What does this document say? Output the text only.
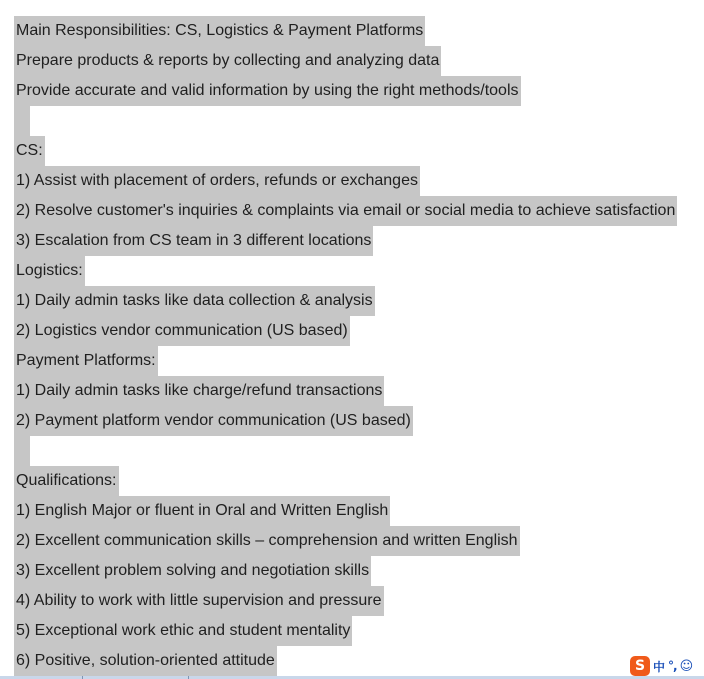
Main Responsibilities: CS, Logistics & Payment Platforms
Prepare products & reports by collecting and analyzing data
Provide accurate and valid information by using the right methods/tools
CS:
1) Assist with placement of orders, refunds or exchanges
2) Resolve customer's inquiries & complaints via email or social media to achieve satisfaction
3) Escalation from CS team in 3 different locations
Logistics:
1) Daily admin tasks like data collection & analysis
2) Logistics vendor communication (US based)
Payment Platforms:
1) Daily admin tasks like charge/refund transactions
2) Payment platform vendor communication (US based)
Qualifications:
1) English Major or fluent in Oral and Written English
2) Excellent communication skills – comprehension and written English
3) Excellent problem solving and negotiation skills
4) Ability to work with little supervision and pressure
5) Exceptional work ethic and student mentality
6) Positive, solution-oriented attitude	S 中 °, ☺
